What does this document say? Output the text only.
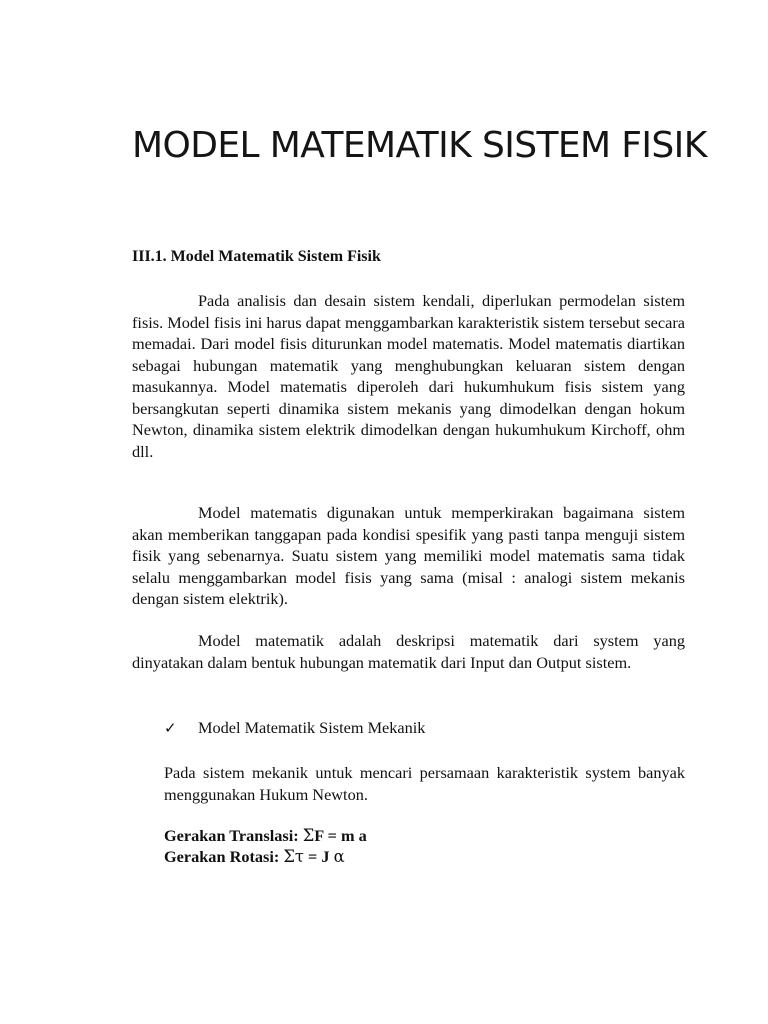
MODEL MATEMATIK SISTEM FISIK
III.1. Model Matematik Sistem Fisik

Pada analisis dan desain sistem kendali, diperlukan permodelan sistem fisis. Model fisis ini harus dapat menggambarkan karakteristik sistem tersebut secara memadai. Dari model fisis diturunkan model matematis. Model matematis diartikan sebagai hubungan matematik yang menghubungkan keluaran sistem dengan masukannya. Model matematis diperoleh dari hukumhukum fisis sistem yang bersangkutan seperti dinamika sistem mekanis yang dimodelkan dengan hokum Newton, dinamika sistem elektrik dimodelkan dengan hukumhukum Kirchoff, ohm dll.

Model matematis digunakan untuk memperkirakan bagaimana sistem akan memberikan tanggapan pada kondisi spesifik yang pasti tanpa menguji sistem fisik yang sebenarnya. Suatu sistem yang memiliki model matematis sama tidak selalu menggambarkan model fisis yang sama (misal : analogi sistem mekanis dengan sistem elektrik).

Model matematik adalah deskripsi matematik dari system yang dinyatakan dalam bentuk hubungan matematik dari Input dan Output sistem.

✓ Model Matematik Sistem Mekanik

Pada sistem mekanik untuk mencari persamaan karakteristik system banyak menggunakan Hukum Newton.

Gerakan Translasi: ΣF = m a
Gerakan Rotasi: Στ = J α
